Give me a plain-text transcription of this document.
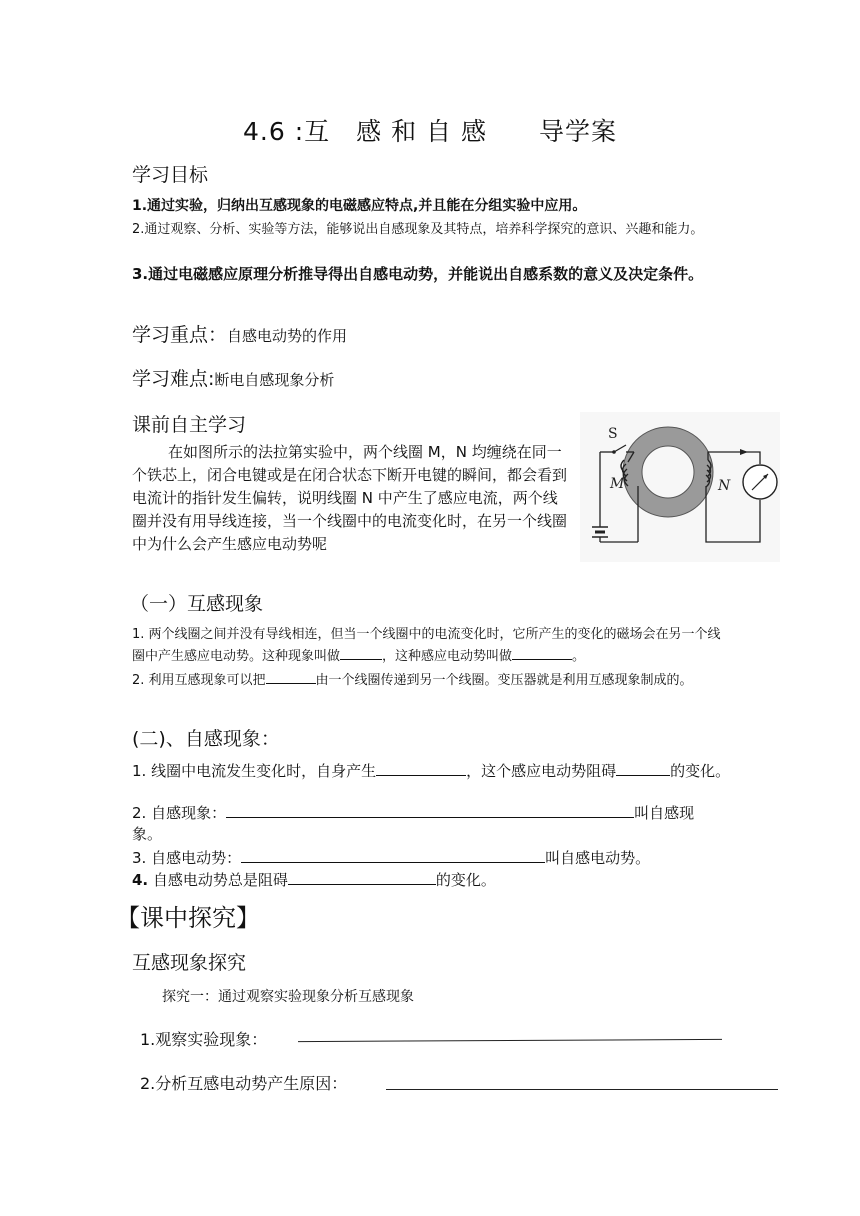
4.6 :互　感 和 自 感　　导学案
学习目标
1.通过实验，归纳出互感现象的电磁感应特点,并且能在分组实验中应用。
2.通过观察、分析、实验等方法，能够说出自感现象及其特点，培养科学探究的意识、兴趣和能力。
3.通过电磁感应原理分析推导得出自感电动势，并能说出自感系数的意义及决定条件。
学习重点：自感电动势的作用
学习难点:断电自感现象分析
课前自主学习
在如图所示的法拉第实验中，两个线圈 M，N 均缠绕在同一个铁芯上，闭合电键或是在闭合状态下断开电键的瞬间，都会看到电流计的指针发生偏转，说明线圈 N 中产生了感应电流，两个线圈并没有用导线连接，当一个线圈中的电流变化时，在另一个线圈中为什么会产生感应电动势呢
S
M	N
（一）互感现象
1. 两个线圈之间并没有导线相连，但当一个线圈中的电流变化时，它所产生的变化的磁场会在另一个线圈中产生感应电动势。这种现象叫做	，这种感应电动势叫做	。
2. 利用互感现象可以把	由一个线圈传递到另一个线圈。变压器就是利用互感现象制成的。
(二)、自感现象：
1. 线圈中电流发生变化时，自身产生	，这个感应电动势阻碍	的变化。
2. 自感现象：	叫自感现
象。
3. 自感电动势：	叫自感电动势。
4. 自感电动势总是阻碍	的变化。
【课中探究】
互感现象探究
探究一：通过观察实验现象分析互感现象
1.观察实验现象：
2.分析互感电动势产生原因：
